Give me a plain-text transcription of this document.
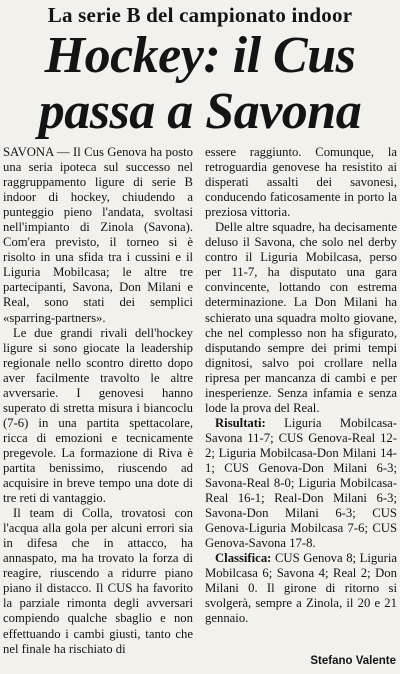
La serie B del campionato indoor
Hockey: il Cus
passa a Savona

SAVONA — Il Cus Genova ha posto una seria ipoteca sul successo nel raggruppamento ligure di serie B indoor di hockey, chiudendo a punteggio pieno l'andata, svoltasi nell'impianto di Zinola (Savona). Com'era previsto, il torneo si è risolto in una sfida tra i cussini e il Liguria Mobilcasa; le altre tre partecipanti, Savona, Don Milani e Real, sono stati dei semplici «sparring-partners».

Le due grandi rivali dell'hockey ligure si sono giocate la leadership regionale nello scontro diretto dopo aver facilmente travolto le altre avversarie. I genovesi hanno superato di stretta misura i biancoclu (7-6) in una partita spettacolare, ricca di emozioni e tecnicamente pregevole. La formazione di Riva è partita benissimo, riuscendo ad acquisire in breve tempo una dote di tre reti di vantaggio.

Il team di Colla, trovatosi con l'acqua alla gola per alcuni errori sia in difesa che in attacco, ha annaspato, ma ha trovato la forza di reagire, riuscendo a ridurre piano piano il distacco. Il CUS ha favorito la parziale rimonta degli avversari compiendo qualche sbaglio e non effettuando i cambi giusti, tanto che nel finale ha rischiato di

essere raggiunto. Comunque, la retroguardia genovese ha resistito ai disperati assalti dei savonesi, conducendo faticosamente in porto la preziosa vittoria.

Delle altre squadre, ha decisamente deluso il Savona, che solo nel derby contro il Liguria Mobilcasa, perso per 11-7, ha disputato una gara convincente, lottando con estrema determinazione. La Don Milani ha schierato una squadra molto giovane, che nel complesso non ha sfigurato, disputando sempre dei primi tempi dignitosi, salvo poi crollare nella ripresa per mancanza di cambi e per inesperienze. Senza infamia e senza lode la prova del Real.

Risultati: Liguria Mobilcasa-Savona 11-7; CUS Genova-Real 12-2; Liguria Mobilcasa-Don Milani 14-1; CUS Genova-Don Milani 6-3; Savona-Real 8-0; Liguria Mobilcasa-Real 16-1; Real-Don Milani 6-3; Savona-Don Milani 6-3; CUS Genova-Liguria Mobilcasa 7-6; CUS Genova-Savona 17-8.

Classifica: CUS Genova 8; Liguria Mobilcasa 6; Savona 4; Real 2; Don Milani 0. Il girone di ritorno si svolgerà, sempre a Zinola, il 20 e 21 gennaio.

Stefano Valente
